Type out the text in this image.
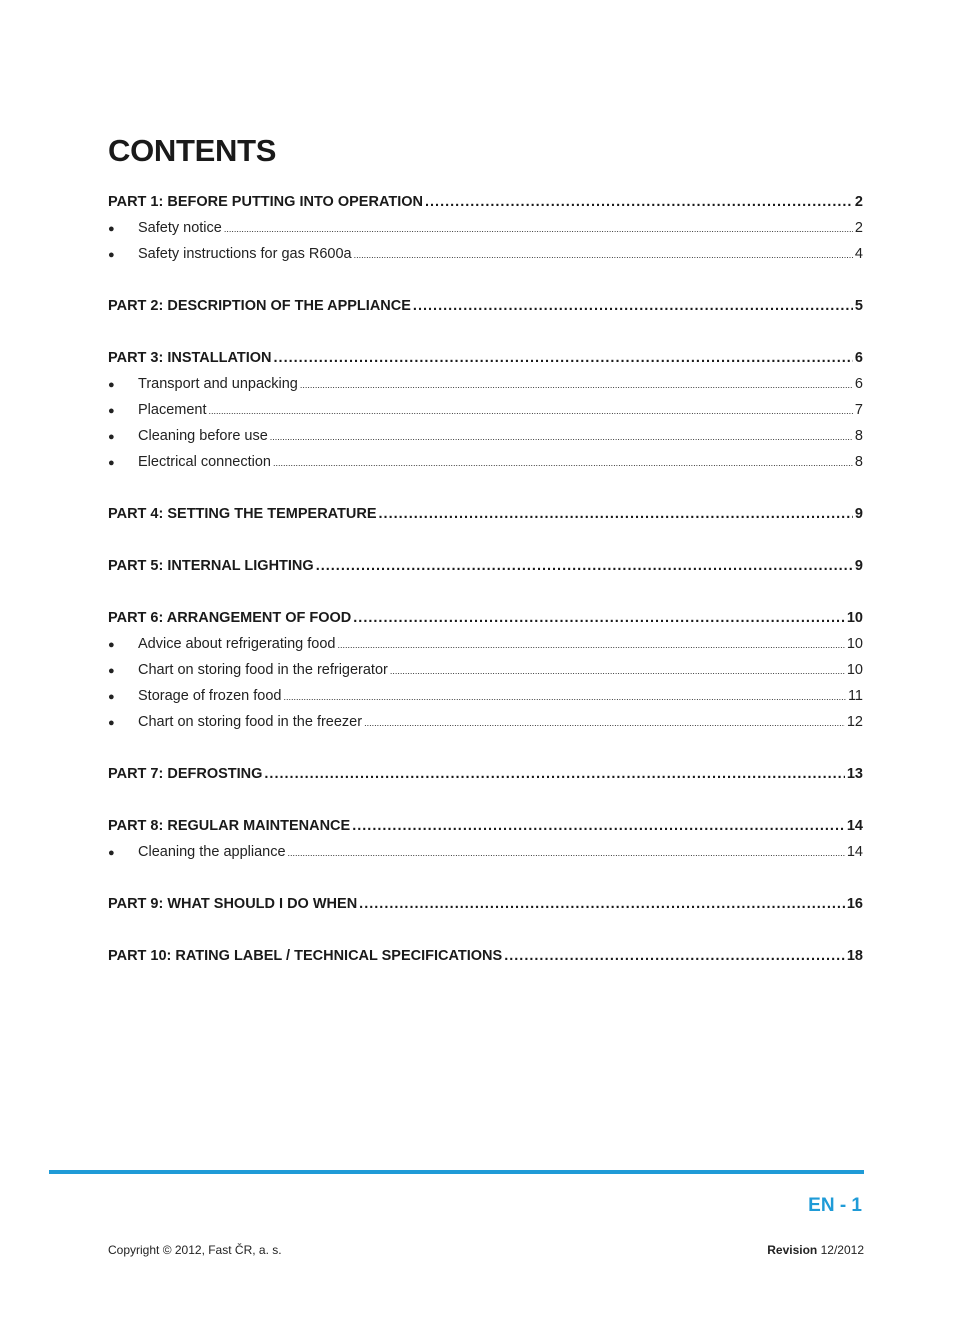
CONTENTS
PART 1: BEFORE PUTTING INTO OPERATION .....	2
●	Safety notice .....	2
●	Safety instructions for gas R600a .....	4
PART 2: DESCRIPTION OF THE APPLIANCE .....	5
PART 3: INSTALLATION .....	6
●	Transport and unpacking .....	6
●	Placement .....	7
●	Cleaning before use .....	8
●	Electrical connection .....	8
PART 4: SETTING THE TEMPERATURE .....	9
PART 5: INTERNAL LIGHTING .....	9
PART 6: ARRANGEMENT OF FOOD .....	10
●	Advice about refrigerating food .....	10
●	Chart on storing food in the refrigerator .....	10
●	Storage of frozen food .....	11
●	Chart on storing food in the freezer .....	12
PART 7: DEFROSTING .....	13
PART 8: REGULAR MAINTENANCE .....	14
●	Cleaning the appliance .....	14
PART 9: WHAT SHOULD I DO WHEN .....	16
PART 10: RATING LABEL / TECHNICAL SPECIFICATIONS .....	18
EN - 1
Copyright © 2012, Fast ČR, a. s.	Revision 12/2012
